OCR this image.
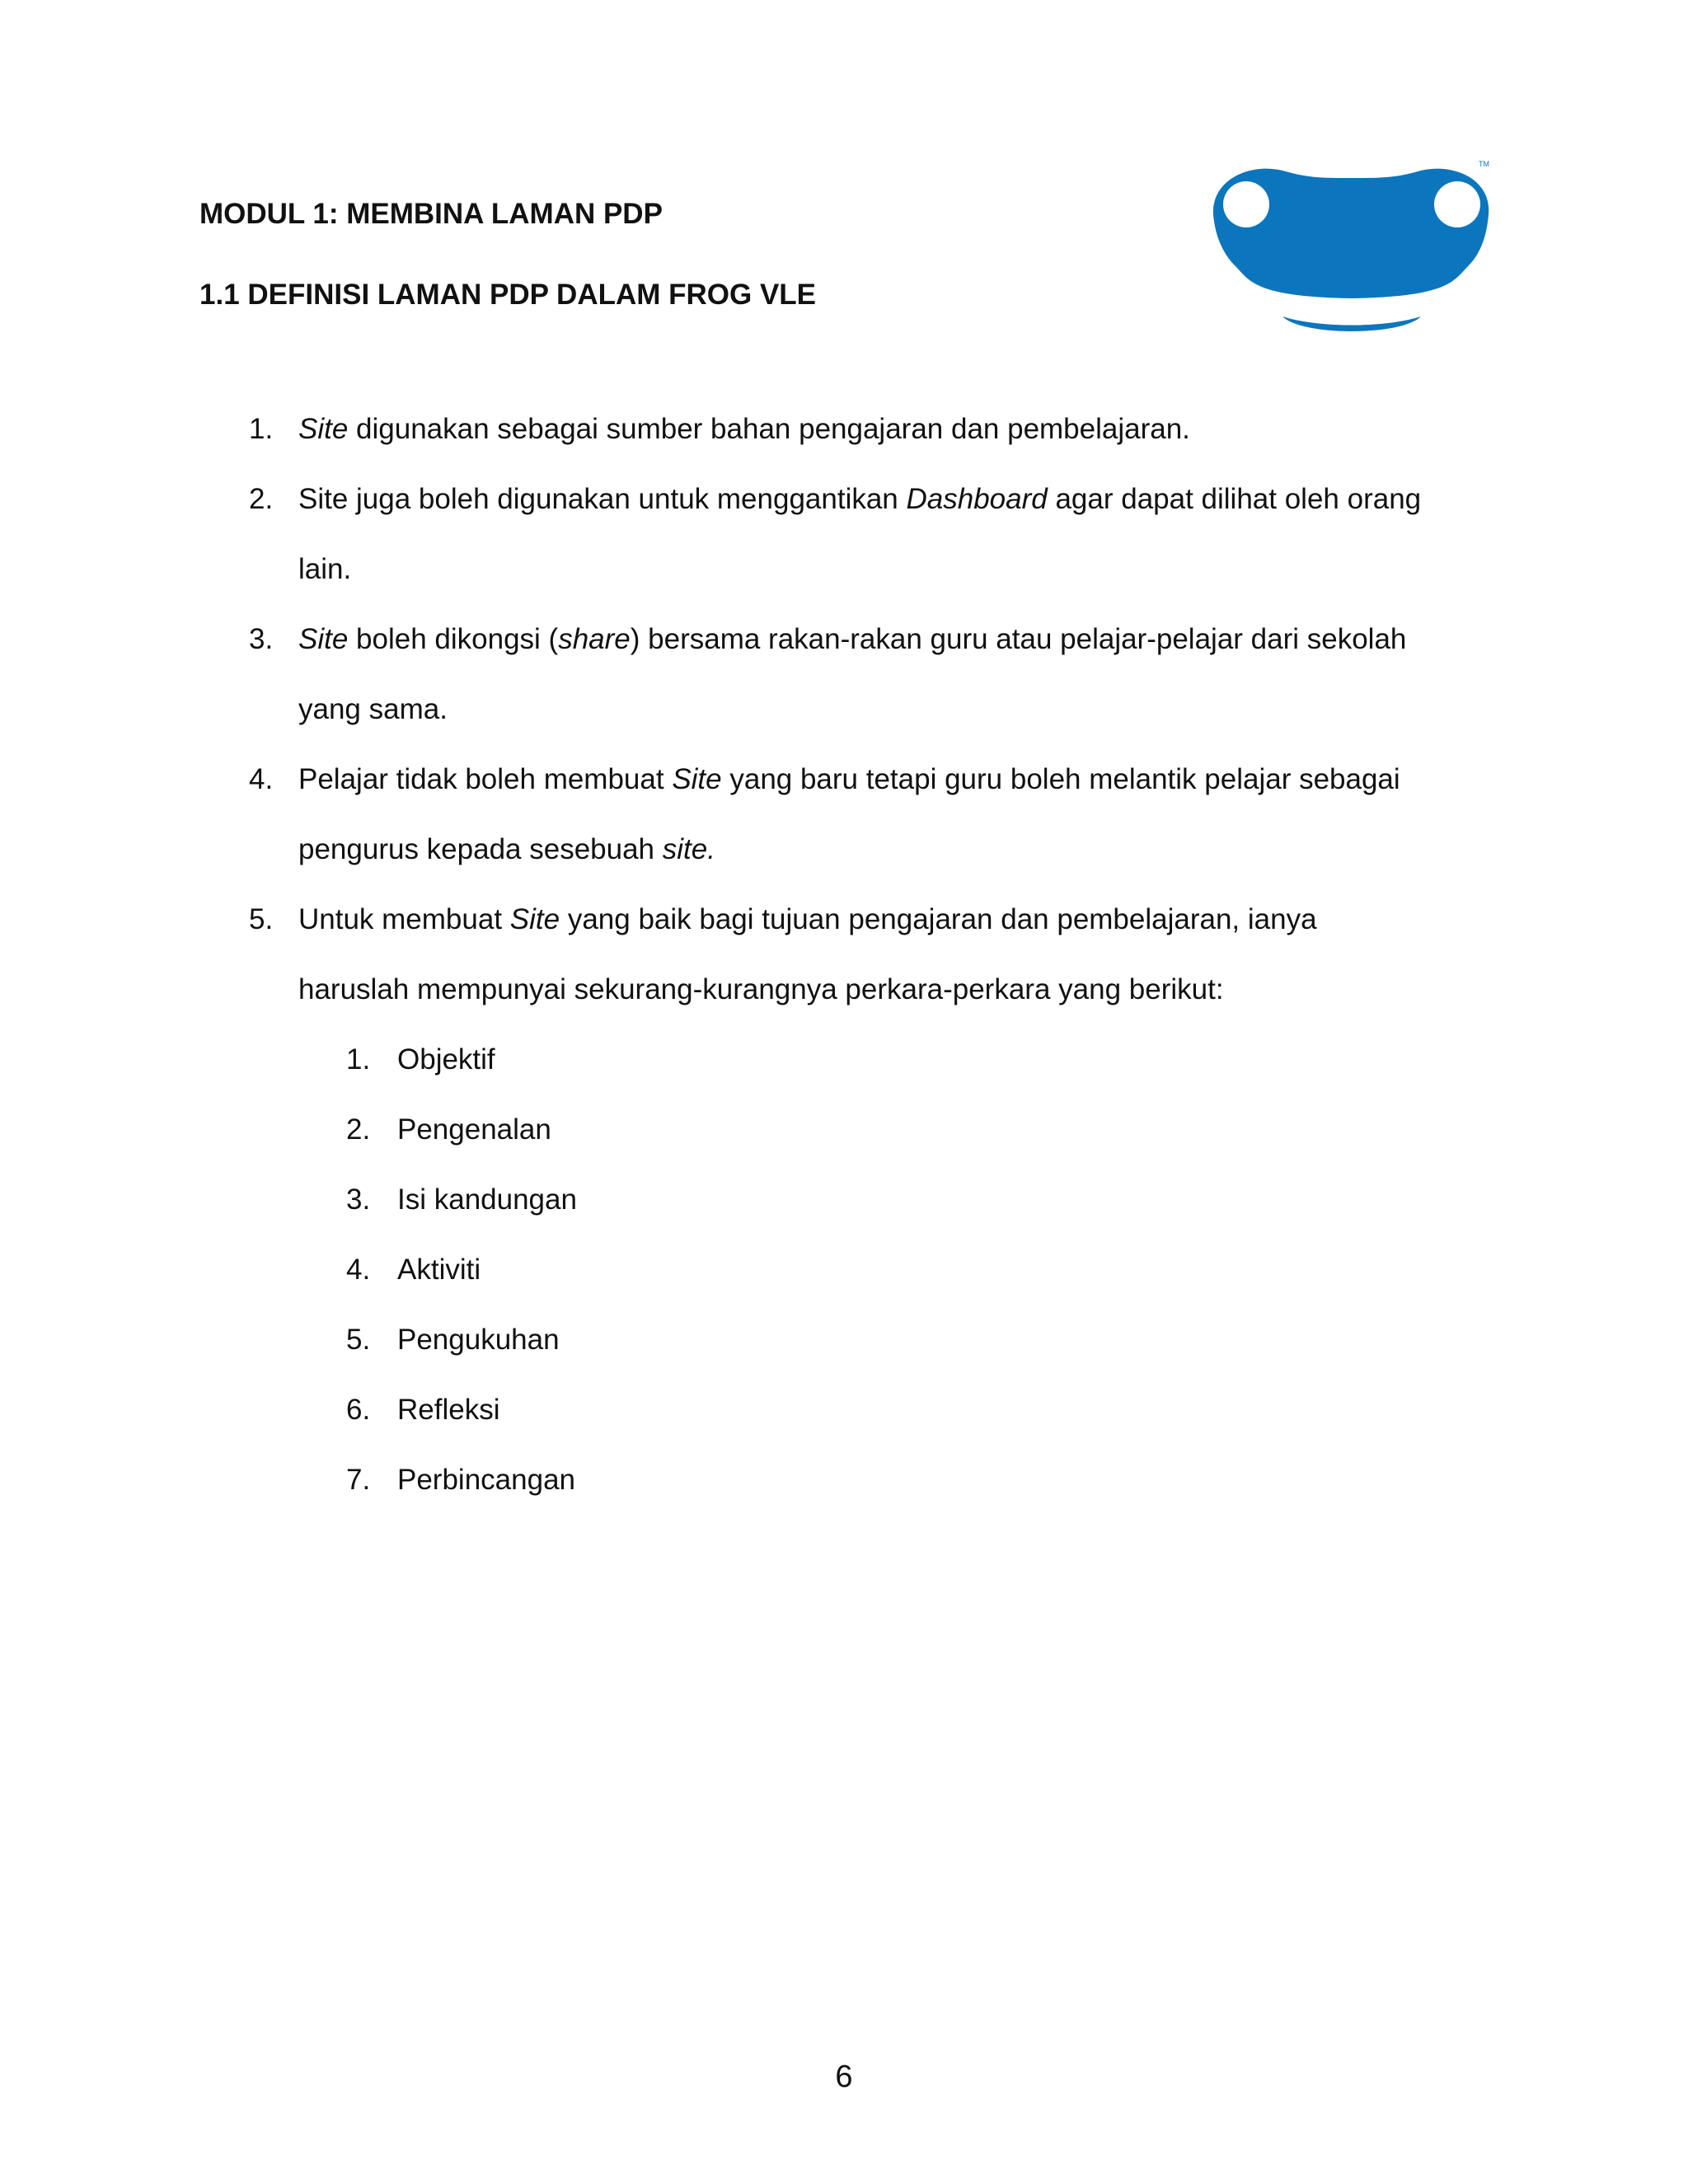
MODUL 1: MEMBINA LAMAN PDP
1.1 DEFINISI LAMAN PDP DALAM FROG VLE
TM
1. Site digunakan sebagai sumber bahan pengajaran dan pembelajaran.
2. Site juga boleh digunakan untuk menggantikan Dashboard agar dapat dilihat oleh orang
lain.
3. Site boleh dikongsi (share) bersama rakan-rakan guru atau pelajar-pelajar dari sekolah
yang sama.
4. Pelajar tidak boleh membuat Site yang baru tetapi guru boleh melantik pelajar sebagai
pengurus kepada sesebuah site.
5. Untuk membuat Site yang baik bagi tujuan pengajaran dan pembelajaran, ianya
haruslah mempunyai sekurang-kurangnya perkara-perkara yang berikut:
1. Objektif
2. Pengenalan
3. Isi kandungan
4. Aktiviti
5. Pengukuhan
6. Refleksi
7. Perbincangan
6
